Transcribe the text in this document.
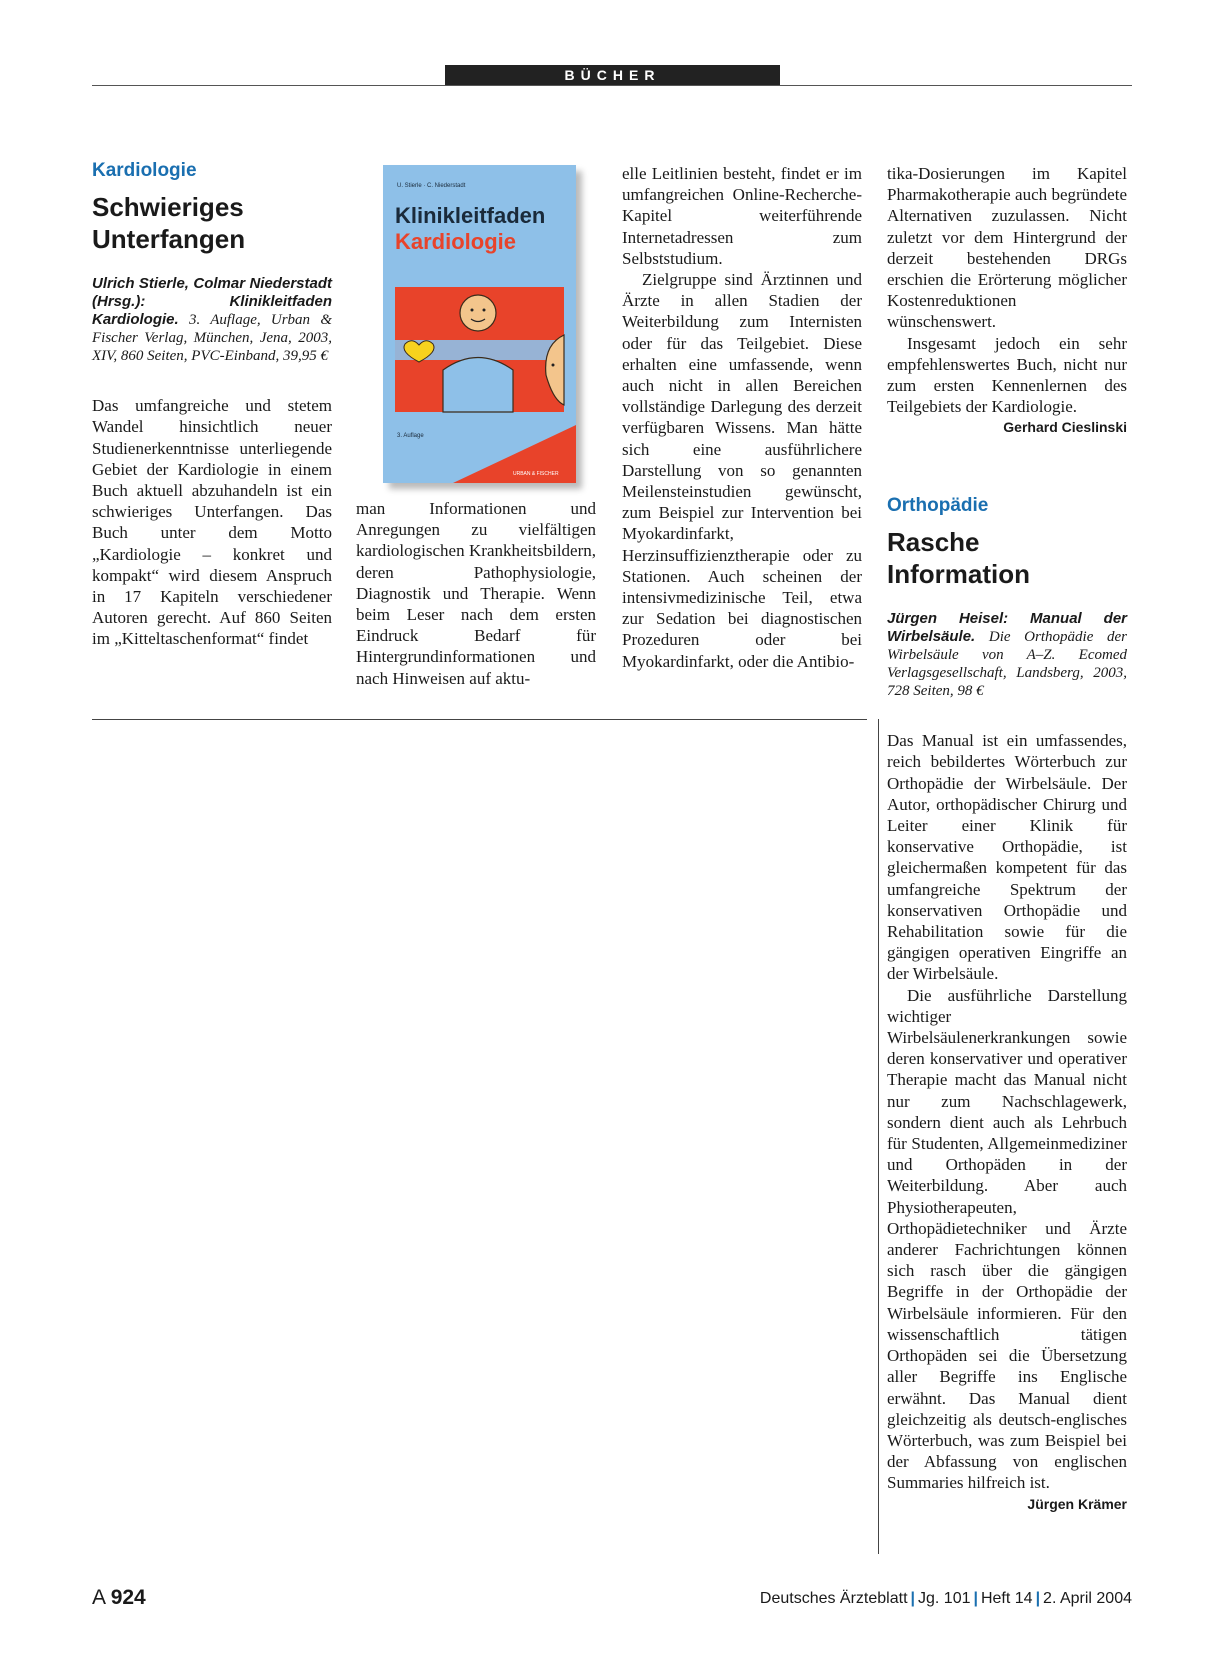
BÜCHER

Kardiologie

Schwieriges

Unterfangen

Ulrich Stierle, Colmar Niederstadt (Hrsg.): Klinikleitfaden Kardiologie. 3. Auflage, Urban & Fischer Verlag, München, Jena, 2003, XIV, 860 Seiten, PVC-Einband, 39,95 €

Das umfangreiche und stetem Wandel hinsichtlich neuer Studienerkenntnisse unterliegende Gebiet der Kardiologie in einem Buch aktuell abzuhandeln ist ein schwieriges Unterfangen. Das Buch unter dem Motto „Kardiologie – konkret und kompakt“ wird diesem Anspruch in 17 Kapiteln verschiedener Autoren gerecht. Auf 860 Seiten im „Kitteltaschenformat“ findet

U. Stierle · C. Niederstadt
Klinikleitfaden
Kardiologie
3. Auflage
URBAN & FISCHER

man Informationen und Anregungen zu vielfältigen kardiologischen Krankheitsbildern, deren Pathophysiologie, Diagnostik und Therapie. Wenn beim Leser nach dem ersten Eindruck Bedarf für Hintergrundinformationen und nach Hinweisen auf aktu-

elle Leitlinien besteht, findet er im umfangreichen Online-Recherche-Kapitel weiterführende Internetadressen zum Selbststudium.

Zielgruppe sind Ärztinnen und Ärzte in allen Stadien der Weiterbildung zum Internisten oder für das Teilgebiet. Diese erhalten eine umfassende, wenn auch nicht in allen Bereichen vollständige Darlegung des derzeit verfügbaren Wissens. Man hätte sich eine ausführlichere Darstellung von so genannten Meilensteinstudien gewünscht, zum Beispiel zur Intervention bei Myokardinfarkt, Herzinsuffizienztherapie oder zu Stationen. Auch scheinen der intensivmedizinische Teil, etwa zur Sedation bei diagnostischen Prozeduren oder bei Myokardinfarkt, oder die Antibio-

tika-Dosierungen im Kapitel Pharmakotherapie auch begründete Alternativen zuzulassen. Nicht zuletzt vor dem Hintergrund der derzeit bestehenden DRGs erschien die Erörterung möglicher Kostenreduktionen wünschenswert.

Insgesamt jedoch ein sehr empfehlenswertes Buch, nicht nur zum ersten Kennenlernen des Teilgebiets der Kardiologie.
Gerhard Cieslinski

Orthopädie

Rasche

Information

Jürgen Heisel: Manual der Wirbelsäule. Die Orthopädie der Wirbelsäule von A–Z. Ecomed Verlagsgesellschaft, Landsberg, 2003, 728 Seiten, 98 €

Das Manual ist ein umfassendes, reich bebildertes Wörterbuch zur Orthopädie der Wirbelsäule. Der Autor, orthopädischer Chirurg und Leiter einer Klinik für konservative Orthopädie, ist gleichermaßen kompetent für das umfangreiche Spektrum der konservativen Orthopädie und Rehabilitation sowie für die gängigen operativen Eingriffe an der Wirbelsäule.

Die ausführliche Darstellung wichtiger Wirbelsäulenerkrankungen sowie deren konservativer und operativer Therapie macht das Manual nicht nur zum Nachschlagewerk, sondern dient auch als Lehrbuch für Studenten, Allgemeinmediziner und Orthopäden in der Weiterbildung. Aber auch Physiotherapeuten, Orthopädietechniker und Ärzte anderer Fachrichtungen können sich rasch über die gängigen Begriffe in der Orthopädie der Wirbelsäule informieren. Für den wissenschaftlich tätigen Orthopäden sei die Übersetzung aller Begriffe ins Englische erwähnt. Das Manual dient gleichzeitig als deutsch-englisches Wörterbuch, was zum Beispiel bei der Abfassung von englischen Summaries hilfreich ist.
Jürgen Krämer

A 924	Deutsches Ärzteblatt | Jg. 101 | Heft 14 | 2. April 2004
